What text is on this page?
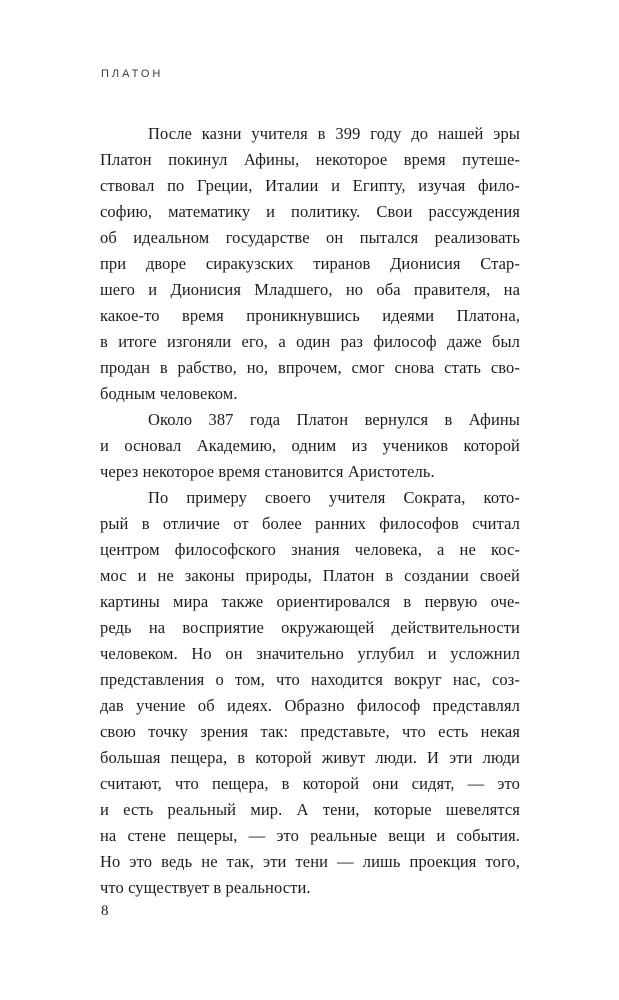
ПЛАТОН
После казни учителя в 399 году до нашей эры
Платон покинул Афины, некоторое время путеше-
ствовал по Греции, Италии и Египту, изучая фило-
софию, математику и политику. Свои рассуждения
об идеальном государстве он пытался реализовать
при дворе сиракузских тиранов Дионисия Стар-
шего и Дионисия Младшего, но оба правителя, на
какое-то время проникнувшись идеями Платона,
в итоге изгоняли его, а один раз философ даже был
продан в рабство, но, впрочем, смог снова стать сво-
бодным человеком.
Около 387 года Платон вернулся в Афины
и основал Академию, одним из учеников которой
через некоторое время становится Аристотель.
По примеру своего учителя Сократа, кото-
рый в отличие от более ранних философов считал
центром философского знания человека, а не кос-
мос и не законы природы, Платон в создании своей
картины мира также ориентировался в первую оче-
редь на восприятие окружающей действительности
человеком. Но он значительно углубил и усложнил
представления о том, что находится вокруг нас, соз-
дав учение об идеях. Образно философ представлял
свою точку зрения так: представьте, что есть некая
большая пещера, в которой живут люди. И эти люди
считают, что пещера, в которой они сидят, — это
и есть реальный мир. А тени, которые шевелятся
на стене пещеры, — это реальные вещи и события.
Но это ведь не так, эти тени — лишь проекция того,
что существует в реальности.
8
